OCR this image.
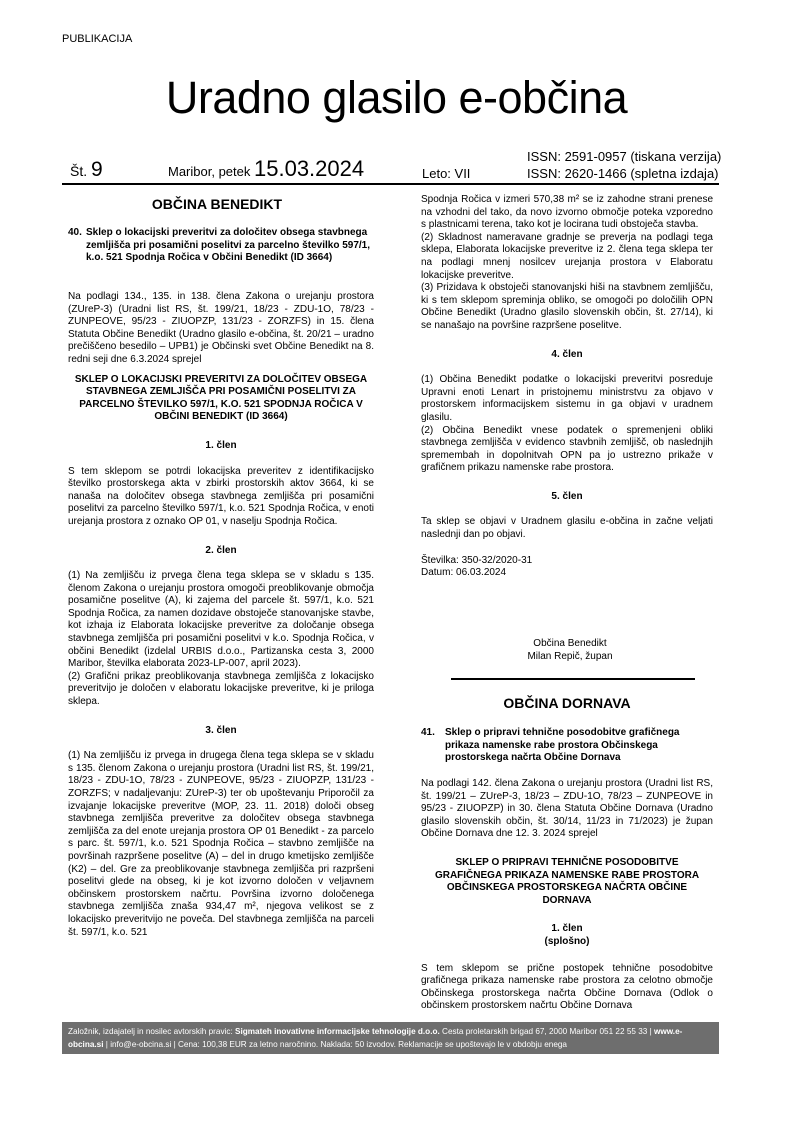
PUBLIKACIJA
Uradno glasilo e-občina
Št. 9	Maribor, petek 15.03.2024	Leto: VII
ISSN: 2591-0957 (tiskana verzija)
ISSN: 2620-1466 (spletna izdaja)
OBČINA BENEDIKT
40. Sklep o lokacijski preveritvi za določitev obsega stavbnega zemljišča pri posamični poselitvi za parcelno številko 597/1, k.o. 521 Spodnja Ročica v Občini Benedikt (ID 3664)

Na podlagi 134., 135. in 138. člena Zakona o urejanju prostora (ZUreP-3) (Uradni list RS, št. 199/21, 18/23 - ZDU-1O, 78/23 - ZUNPEOVE, 95/23 - ZIUOPZP, 131/23 - ZORZFS) in 15. člena Statuta Občine Benedikt (Uradno glasilo e-občina, št. 20/21 – uradno prečiščeno besedilo – UPB1) je Občinski svet Občine Benedikt na 8. redni seji dne 6.3.2024 sprejel

SKLEP O LOKACIJSKI PREVERITVI ZA DOLOČITEV OBSEGA STAVBNEGA ZEMLJIŠČA PRI POSAMIČNI POSELITVI ZA PARCELNO ŠTEVILKO 597/1, K.O. 521 SPODNJA ROČICA V OBČINI BENEDIKT (ID 3664)

1. člen

S tem sklepom se potrdi lokacijska preveritev z identifikacijsko številko prostorskega akta v zbirki prostorskih aktov 3664, ki se nanaša na določitev obsega stavbnega zemljišča pri posamični poselitvi za parcelno številko 597/1, k.o. 521 Spodnja Ročica, v enoti urejanja prostora z oznako OP 01, v naselju Spodnja Ročica.

2. člen

(1) Na zemljišču iz prvega člena tega sklepa se v skladu s 135. členom Zakona o urejanju prostora omogoči preoblikovanje območja posamične poselitve (A), ki zajema del parcele št. 597/1, k.o. 521 Spodnja Ročica, za namen dozidave obstoječe stanovanjske stavbe, kot izhaja iz Elaborata lokacijske preveritve za določanje obsega stavbnega zemljišča pri posamični poselitvi v k.o. Spodnja Ročica, v občini Benedikt (izdelal URBIS d.o.o., Partizanska cesta 3, 2000 Maribor, številka elaborata 2023-LP-007, april 2023).

(2) Grafični prikaz preoblikovanja stavbnega zemljišča z lokacijsko preveritvijo je določen v elaboratu lokacijske preveritve, ki je priloga sklepa.

3. člen

(1) Na zemljišču iz prvega in drugega člena tega sklepa se v skladu s 135. členom Zakona o urejanju prostora (Uradni list RS, št. 199/21, 18/23 - ZDU-1O, 78/23 - ZUNPEOVE, 95/23 - ZIUOPZP, 131/23 - ZORZFS; v nadaljevanju: ZUreP-3) ter ob upoštevanju Priporočil za izvajanje lokacijske preveritve (MOP, 23. 11. 2018) določi obseg stavbnega zemljišča preveritve za določitev obsega stavbnega zemljišča za del enote urejanja prostora OP 01 Benedikt - za parcelo s parc. št. 597/1, k.o. 521 Spodnja Ročica – stavbno zemljišče na površinah razpršene poselitve (A) – del in drugo kmetijsko zemljišče (K2) – del. Gre za preoblikovanje stavbnega zemljišča pri razpršeni poselitvi glede na obseg, ki je kot izvorno določen v veljavnem občinskem prostorskem načrtu. Površina izvorno določenega stavbnega zemljišča znaša 934,47 m², njegova velikost se z lokacijsko preveritvijo ne poveča. Del stavbnega zemljišča na parceli št. 597/1, k.o. 521

Spodnja Ročica v izmeri 570,38 m² se iz zahodne strani prenese na vzhodni del tako, da novo izvorno območje poteka vzporedno s plastnicami terena, tako kot je locirana tudi obstoječa stavba.

(2) Skladnost nameravane gradnje se preverja na podlagi tega sklepa, Elaborata lokacijske preveritve iz 2. člena tega sklepa ter na podlagi mnenj nosilcev urejanja prostora v Elaboratu lokacijske preveritve.

(3) Prizidava k obstoječi stanovanjski hiši na stavbnem zemljišču, ki s tem sklepom spreminja obliko, se omogoči po določilih OPN Občine Benedikt (Uradno glasilo slovenskih občin, št. 27/14), ki se nanašajo na površine razpršene poselitve.

4. člen

(1) Občina Benedikt podatke o lokacijski preveritvi posreduje Upravni enoti Lenart in pristojnemu ministrstvu za objavo v prostorskem informacijskem sistemu in ga objavi v uradnem glasilu.

(2) Občina Benedikt vnese podatek o spremenjeni obliki stavbnega zemljišča v evidenco stavbnih zemljišč, ob naslednjih spremembah in dopolnitvah OPN pa jo ustrezno prikaže v grafičnem prikazu namenske rabe prostora.

5. člen

Ta sklep se objavi v Uradnem glasilu e-občina in začne veljati naslednji dan po objavi.

Številka: 350-32/2020-31

Datum: 06.03.2024

Občina Benedikt
Milan Repič, župan
OBČINA DORNAVA
41. Sklep o pripravi tehnične posodobitve grafičnega prikaza namenske rabe prostora Občinskega prostorskega načrta Občine Dornava

Na podlagi 142. člena Zakona o urejanju prostora (Uradni list RS, št. 199/21 – ZUreP-3, 18/23 – ZDU-1O, 78/23 – ZUNPEOVE in 95/23 - ZIUOPZP) in 30. člena Statuta Občine Dornava (Uradno glasilo slovenskih občin, št. 30/14, 11/23 in 71/2023) je župan Občine Dornava dne 12. 3. 2024 sprejel

SKLEP O PRIPRAVI TEHNIČNE POSODOBITVE GRAFIČNEGA PRIKAZA NAMENSKE RABE PROSTORA OBČINSKEGA PROSTORSKEGA NAČRTA OBČINE DORNAVA

1. člen

(splošno)

S tem sklepom se prične postopek tehnične posodobitve grafičnega prikaza namenske rabe prostora za celotno območje Občinskega prostorskega načrta Občine Dornava (Odlok o občinskem prostorskem načrtu Občine Dornava

Založnik, izdajatelj in nosilec avtorskih pravic: Sigmateh inovativne informacijske tehnologije d.o.o. Cesta proletarskih brigad 67, 2000 Maribor 051 22 55 33 | www.e-obcina.si | info@e-obcina.si | Cena: 100,38 EUR za letno naročnino. Naklada: 50 izvodov. Reklamacije se upoštevajo le v obdobju enega
